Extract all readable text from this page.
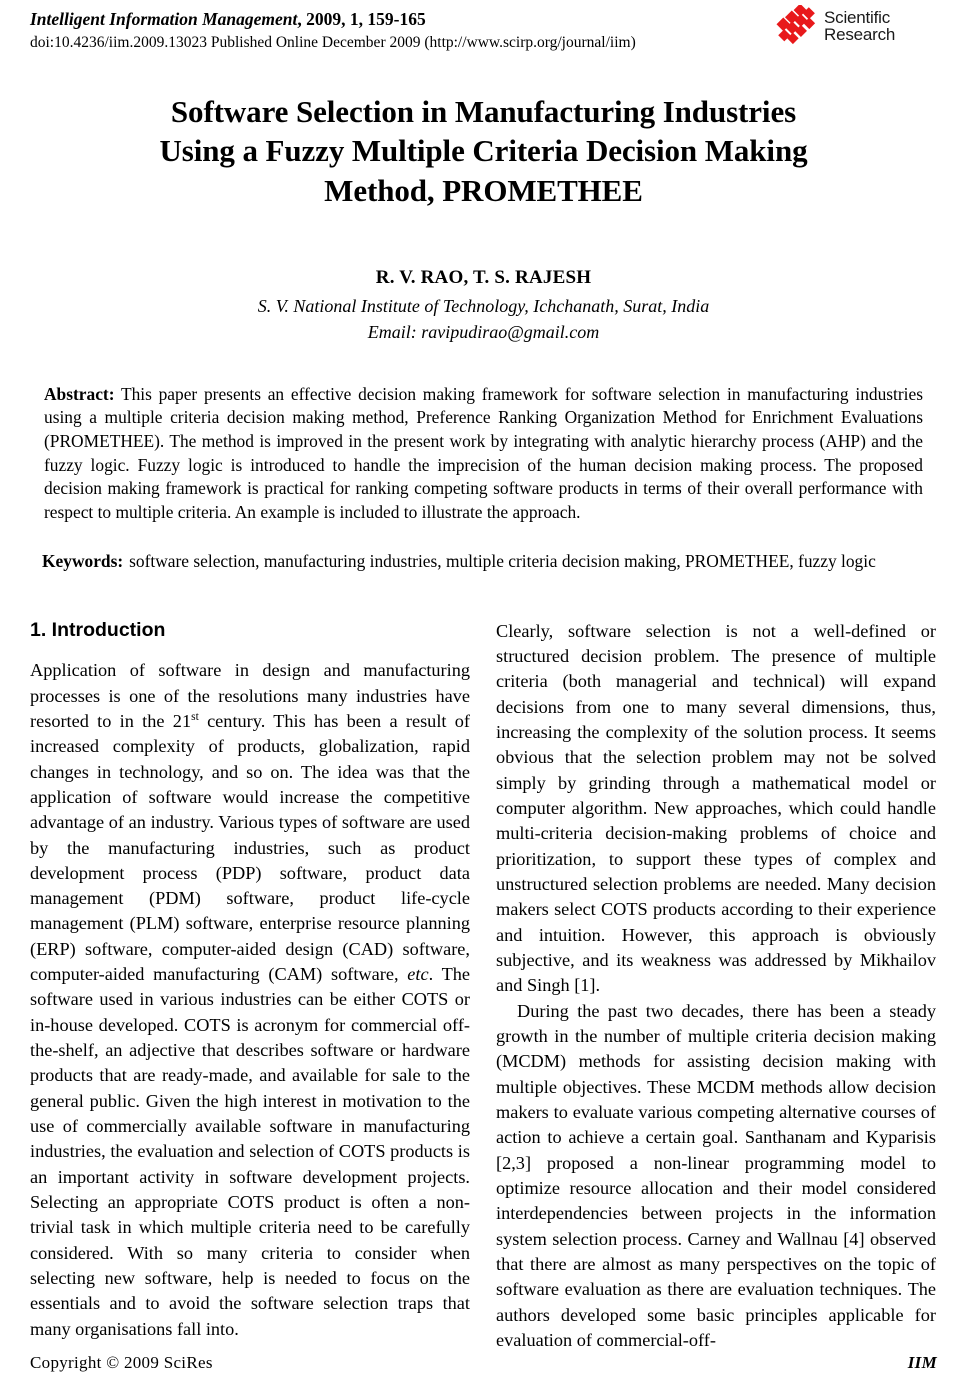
Intelligent Information Management, 2009, 1, 159-165
doi:10.4236/iim.2009.13023 Published Online December 2009 (http://www.scirp.org/journal/iim)
Scientific
Research
Software Selection in Manufacturing Industries
Using a Fuzzy Multiple Criteria Decision Making
Method, PROMETHEE
R. V. RAO, T. S. RAJESH
S. V. National Institute of Technology, Ichchanath, Surat, India
Email: ravipudirao@gmail.com

Abstract: This paper presents an effective decision making framework for software selection in manufacturing industries using a multiple criteria decision making method, Preference Ranking Organization Method for Enrichment Evaluations (PROMETHEE). The method is improved in the present work by integrating with analytic hierarchy process (AHP) and the fuzzy logic. Fuzzy logic is introduced to handle the imprecision of the human decision making process. The proposed decision making framework is practical for ranking competing software products in terms of their overall performance with respect to multiple criteria. An example is included to illustrate the approach.

Keywords: software selection, manufacturing industries, multiple criteria decision making, PROMETHEE, fuzzy logic
1. Introduction

Application of software in design and manufacturing processes is one of the resolutions many industries have resorted to in the 21st century. This has been a result of increased complexity of products, globalization, rapid changes in technology, and so on. The idea was that the application of software would increase the competitive advantage of an industry. Various types of software are used by the manufacturing industries, such as product development process (PDP) software, product data management (PDM) software, product life-cycle management (PLM) software, enterprise resource planning (ERP) software, computer-aided design (CAD) software, computer-aided manufacturing (CAM) software, etc. The software used in various industries can be either COTS or in-house developed. COTS is acronym for commercial off-the-shelf, an adjective that describes software or hardware products that are ready-made, and available for sale to the general public. Given the high interest in motivation to the use of commercially available software in manufacturing industries, the evaluation and selection of COTS products is an important activity in software development projects. Selecting an appropriate COTS product is often a non-trivial task in which multiple criteria need to be carefully considered. With so many criteria to consider when selecting new software, help is needed to focus on the essentials and to avoid the software selection traps that many organisations fall into.

Clearly, software selection is not a well-defined or structured decision problem. The presence of multiple criteria (both managerial and technical) will expand decisions from one to many several dimensions, thus, increasing the complexity of the solution process. It seems obvious that the selection problem may not be solved simply by grinding through a mathematical model or computer algorithm. New approaches, which could handle multi-criteria decision-making problems of choice and prioritization, to support these types of complex and unstructured selection problems are needed. Many decision makers select COTS products according to their experience and intuition. However, this approach is obviously subjective, and its weakness was addressed by Mikhailov and Singh [1].

During the past two decades, there has been a steady growth in the number of multiple criteria decision making (MCDM) methods for assisting decision making with multiple objectives. These MCDM methods allow decision makers to evaluate various competing alternative courses of action to achieve a certain goal. Santhanam and Kyparisis [2,3] proposed a non-linear programming model to optimize resource allocation and their model considered interdependencies between projects in the information system selection process. Carney and Wallnau [4] observed that there are almost as many perspectives on the topic of software evaluation as there are evaluation techniques. The authors developed some basic principles applicable for evaluation of commercial-off-

Copyright © 2009 SciRes	IIM
